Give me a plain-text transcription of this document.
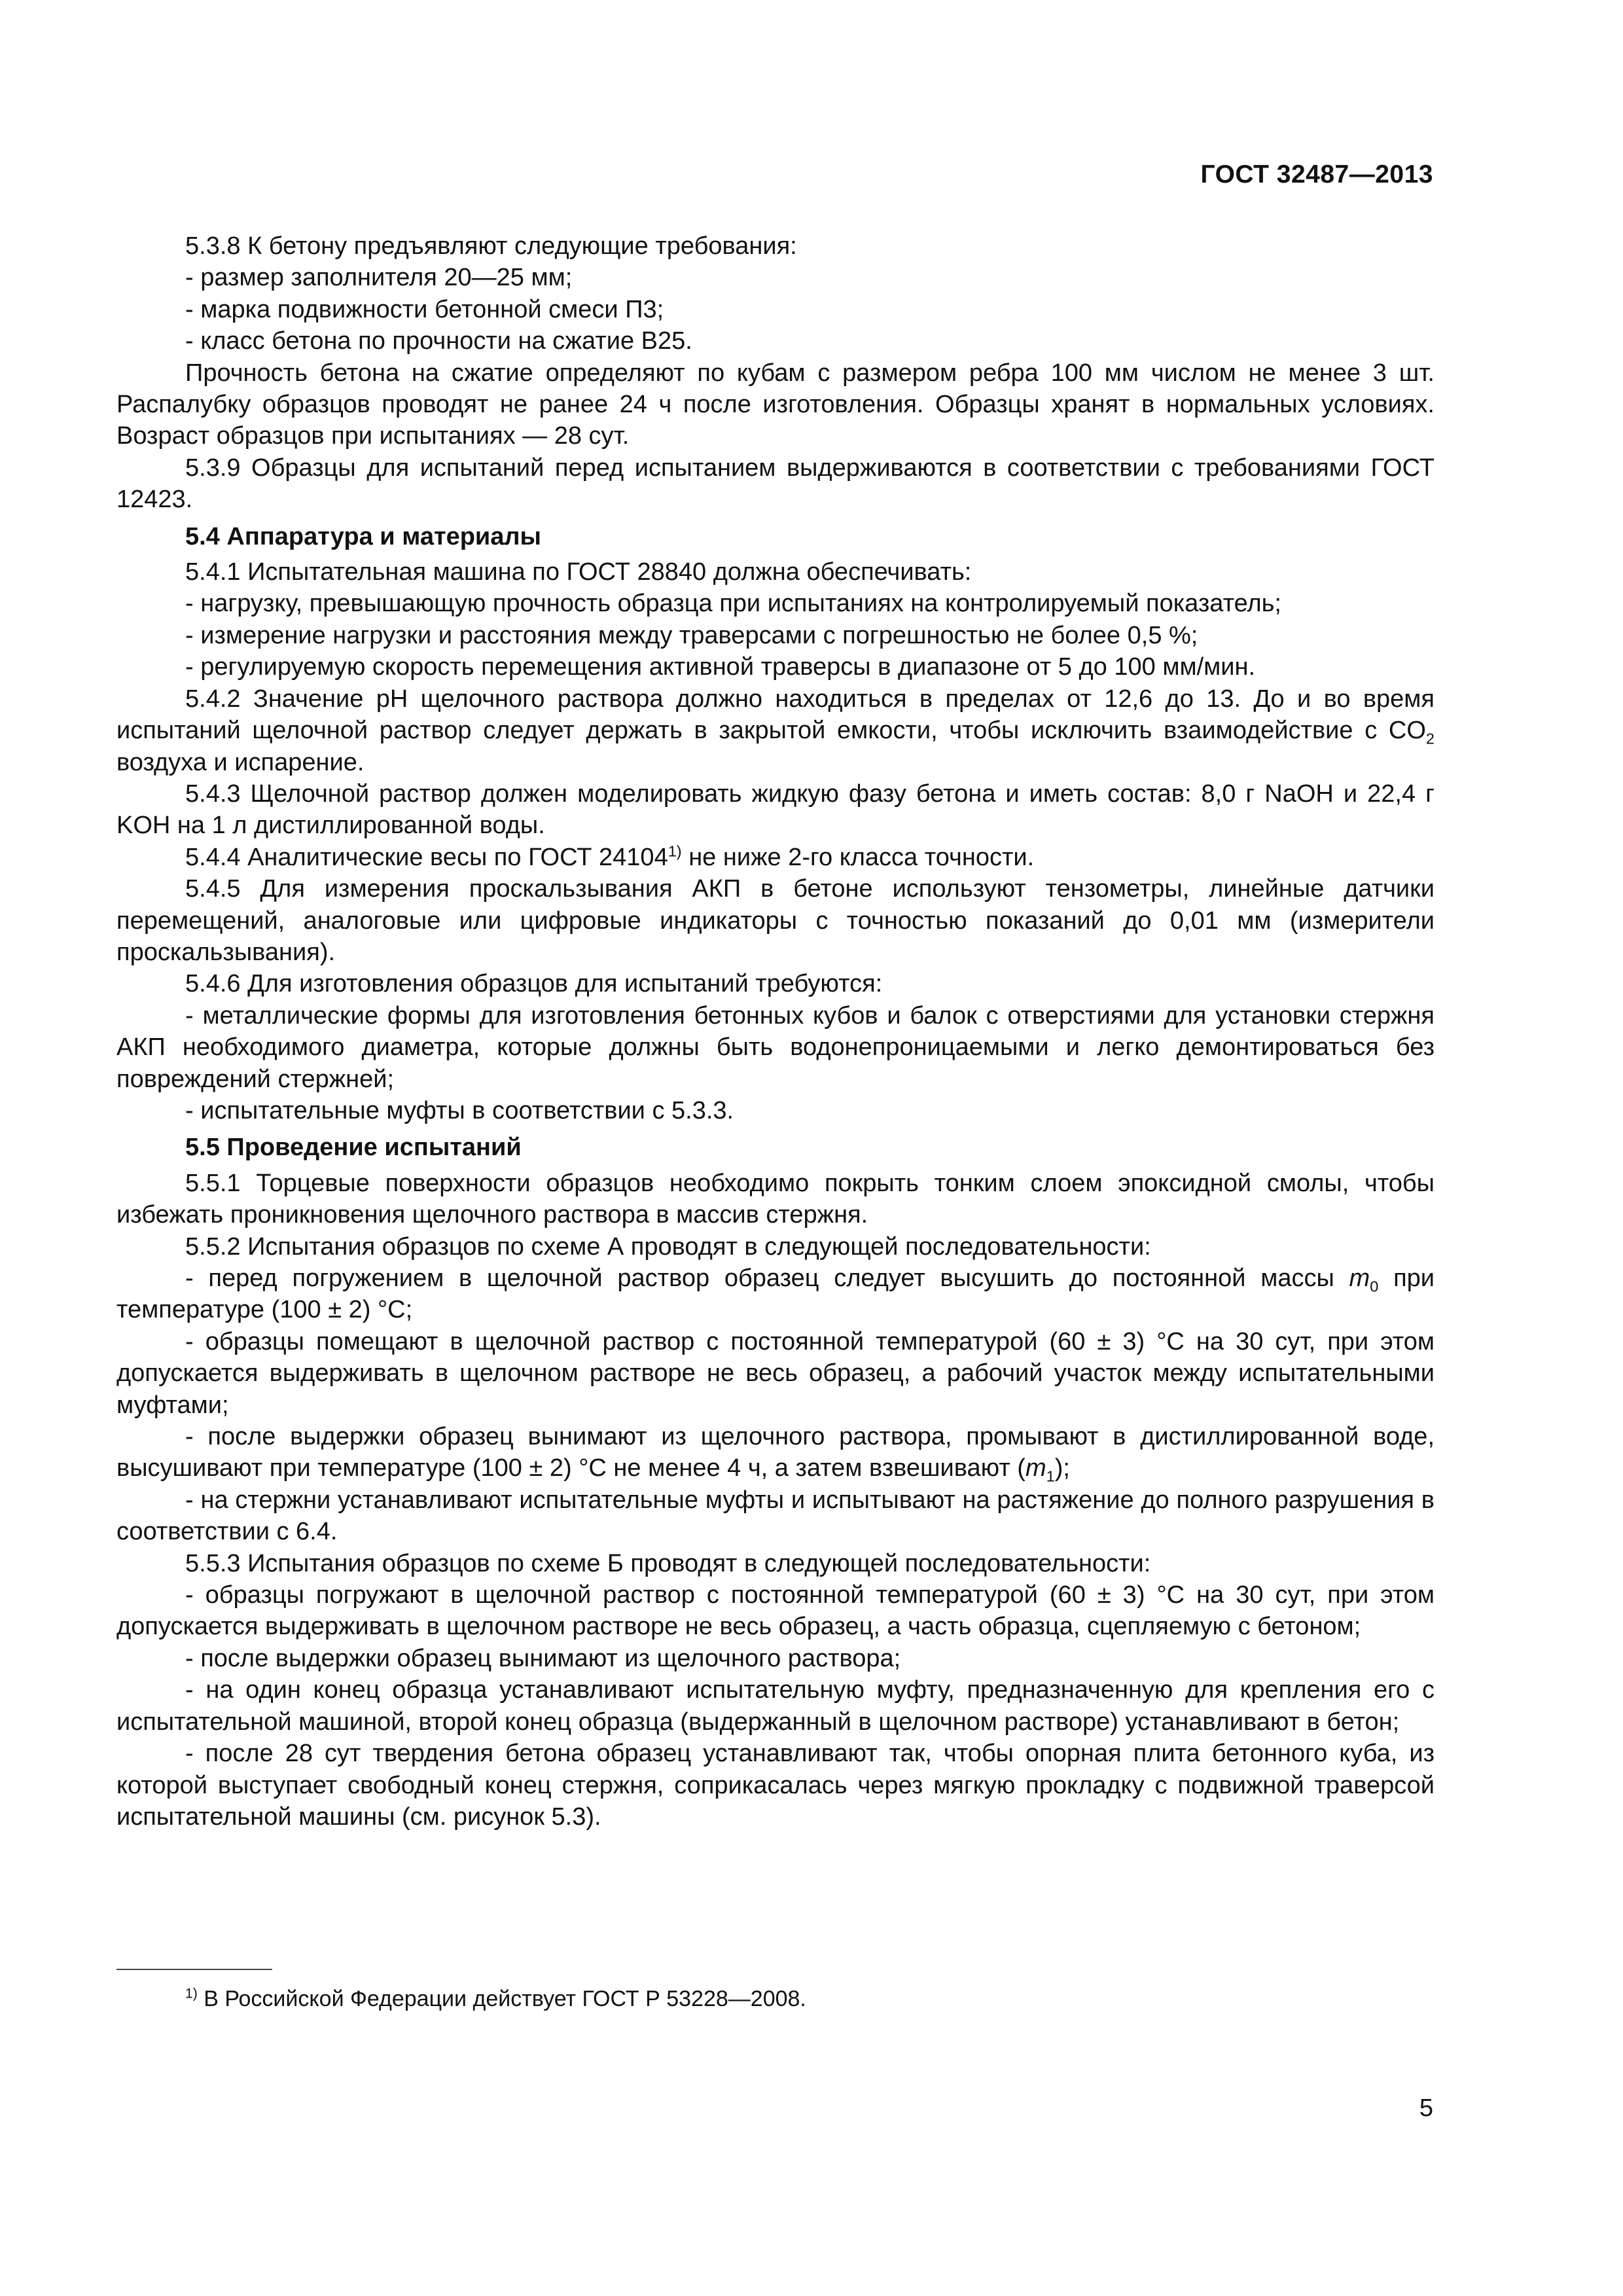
ГОСТ 32487—2013

5.3.8 К бетону предъявляют следующие требования:

- размер заполнителя 20—25 мм;

- марка подвижности бетонной смеси П3;

- класс бетона по прочности на сжатие В25.

Прочность бетона на сжатие определяют по кубам с размером ребра 100 мм числом не менее 3 шт. Распалубку образцов проводят не ранее 24 ч после изготовления. Образцы хранят в нормальных условиях. Возраст образцов при испытаниях — 28 сут.

5.3.9 Образцы для испытаний перед испытанием выдерживаются в соответствии с требованиями ГОСТ 12423.

5.4 Аппаратура и материалы

5.4.1 Испытательная машина по ГОСТ 28840 должна обеспечивать:

- нагрузку, превышающую прочность образца при испытаниях на контролируемый показатель;

- измерение нагрузки и расстояния между траверсами с погрешностью не более 0,5 %;

- регулируемую скорость перемещения активной траверсы в диапазоне от 5 до 100 мм/мин.

5.4.2 Значение рН щелочного раствора должно находиться в пределах от 12,6 до 13. До и во время испытаний щелочной раствор следует держать в закрытой емкости, чтобы исключить взаимодействие с $CO_2$ воздуха и испарение.

5.4.3 Щелочной раствор должен моделировать жидкую фазу бетона и иметь состав: 8,0 г NaOH и 22,4 г KOH на 1 л дистиллированной воды.

5.4.4 Аналитические весы по ГОСТ 24104$^{1)}$ не ниже 2-го класса точности.

5.4.5 Для измерения проскальзывания АКП в бетоне используют тензометры, линейные датчики перемещений, аналоговые или цифровые индикаторы с точностью показаний до 0,01 мм (измерители проскальзывания).

5.4.6 Для изготовления образцов для испытаний требуются:

- металлические формы для изготовления бетонных кубов и балок с отверстиями для установки стержня АКП необходимого диаметра, которые должны быть водонепроницаемыми и легко демонтироваться без повреждений стержней;

- испытательные муфты в соответствии с 5.3.3.

5.5 Проведение испытаний

5.5.1 Торцевые поверхности образцов необходимо покрыть тонким слоем эпоксидной смолы, чтобы избежать проникновения щелочного раствора в массив стержня.

5.5.2 Испытания образцов по схеме А проводят в следующей последовательности:

- перед погружением в щелочной раствор образец следует высушить до постоянной массы $m_0$ при температуре (100 ± 2) °С;

- образцы помещают в щелочной раствор с постоянной температурой (60 ± 3) °С на 30 сут, при этом допускается выдерживать в щелочном растворе не весь образец, а рабочий участок между испытательными муфтами;

- после выдержки образец вынимают из щелочного раствора, промывают в дистиллированной воде, высушивают при температуре (100 ± 2) °С не менее 4 ч, а затем взвешивают $(m_1)$;

- на стержни устанавливают испытательные муфты и испытывают на растяжение до полного разрушения в соответствии с 6.4.

5.5.3 Испытания образцов по схеме Б проводят в следующей последовательности:

- образцы погружают в щелочной раствор с постоянной температурой (60 ± 3) °С на 30 сут, при этом допускается выдерживать в щелочном растворе не весь образец, а часть образца, сцепляемую с бетоном;

- после выдержки образец вынимают из щелочного раствора;

- на один конец образца устанавливают испытательную муфту, предназначенную для крепления его с испытательной машиной, второй конец образца (выдержанный в щелочном растворе) устанавливают в бетон;

- после 28 сут твердения бетона образец устанавливают так, чтобы опорная плита бетонного куба, из которой выступает свободный конец стержня, соприкасалась через мягкую прокладку с подвижной траверсой испытательной машины (см. рисунок 5.3).

$^{1)}$ В Российской Федерации действует ГОСТ Р 53228—2008.
5
